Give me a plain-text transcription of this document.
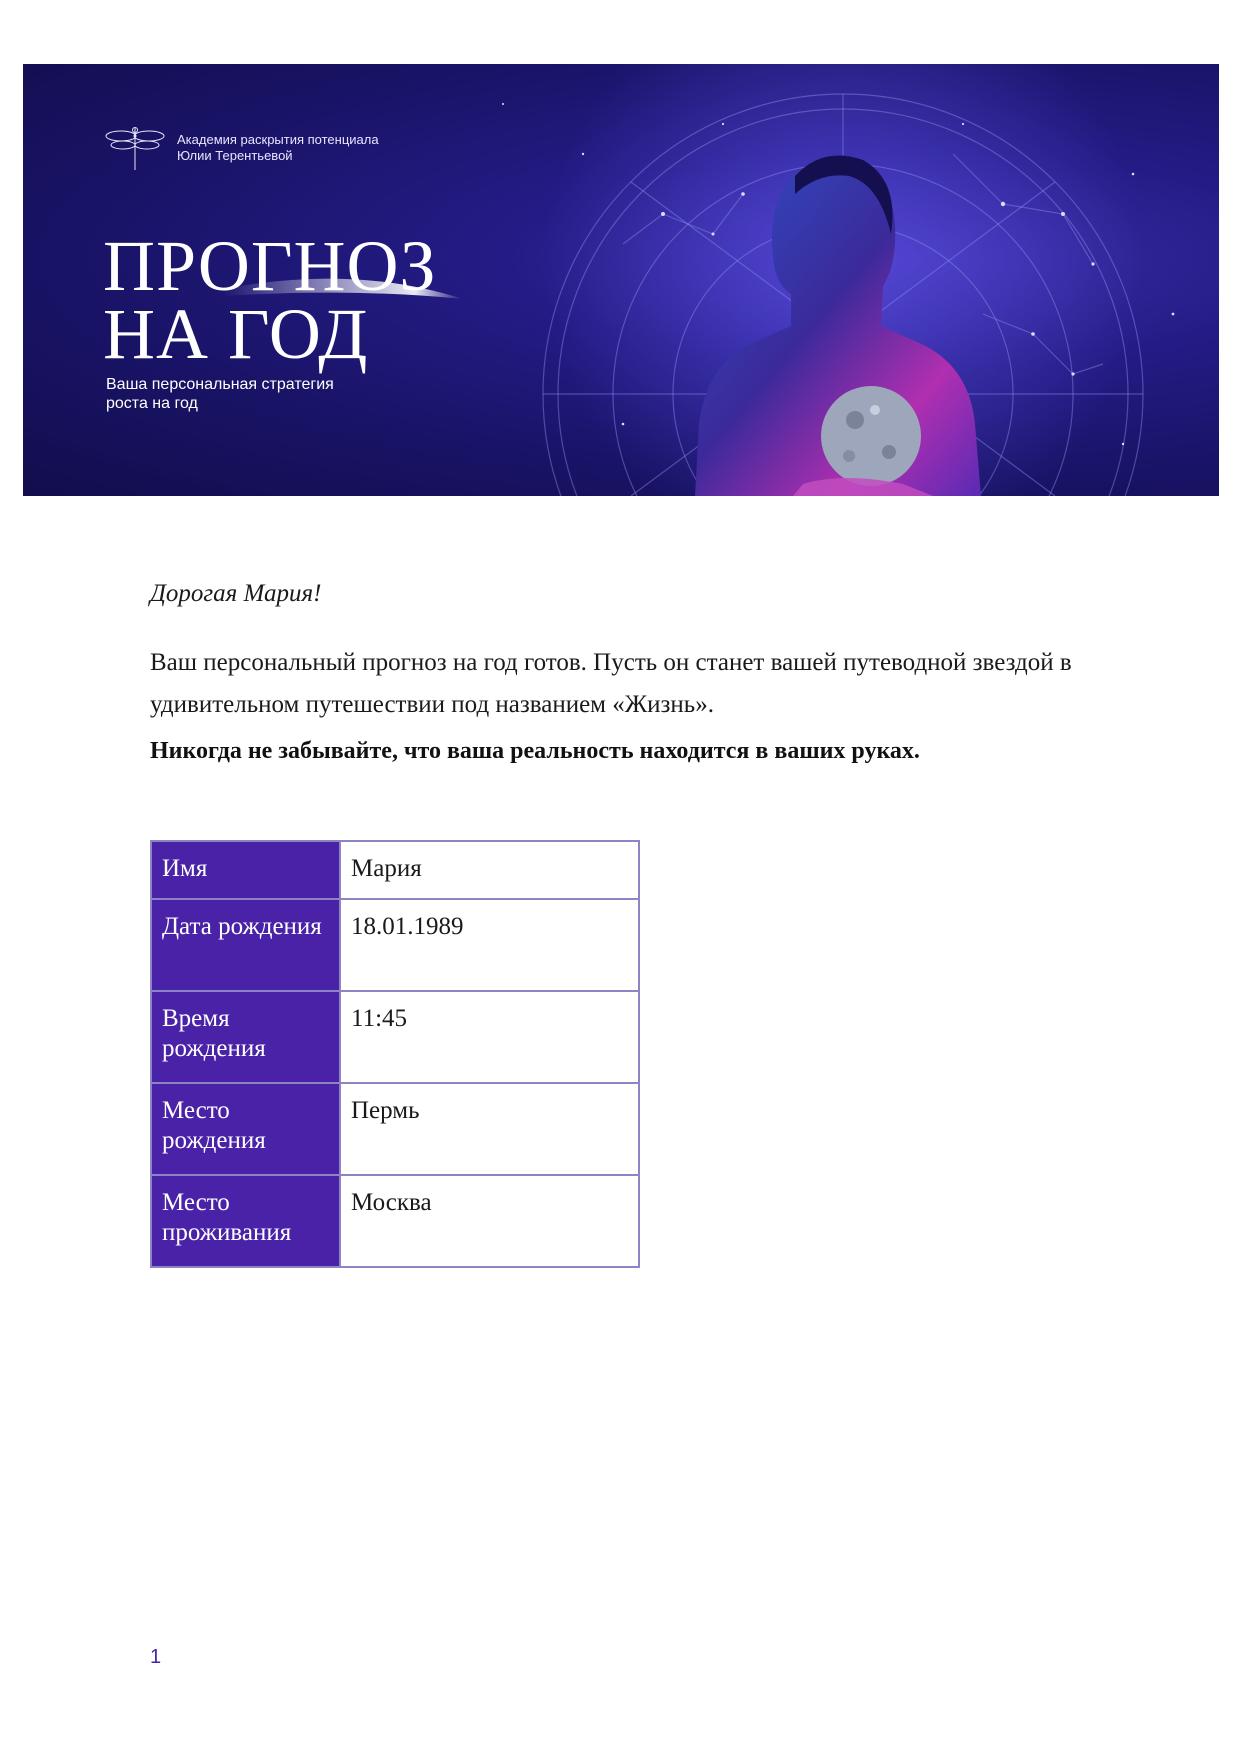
Академия раскрытия потенциала
Юлии Терентьевой
ПРОГНОЗ
НА ГОД
Ваша персональная стратегия
роста на год
Дорогая Мария!
Ваш персональный прогноз на год готов. Пусть он станет вашей путеводной звездой в удивительном путешествии под названием «Жизнь».
Никогда не забывайте, что ваша реальность находится в ваших руках.
Имя	Мария
Дата рождения	18.01.1989
Время рождения	11:45
Место рождения	Пермь
Место проживания	Москва
1
